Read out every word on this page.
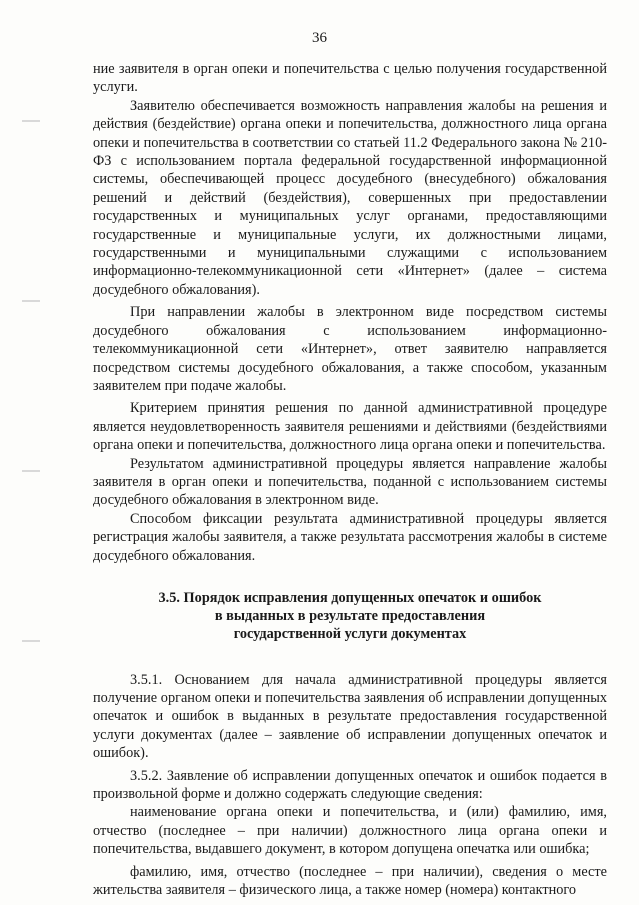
36

ние заявителя в орган опеки и попечительства с целью получения государственной услуги.

Заявителю обеспечивается возможность направления жалобы на решения и действия (бездействие) органа опеки и попечительства, должностного лица органа опеки и попечительства в соответствии со статьей 11.2 Федерального закона № 210-ФЗ с использованием портала федеральной государственной информационной системы, обеспечивающей процесс досудебного (внесудебного) обжалования решений и действий (бездействия), совершенных при предоставлении государственных и муниципальных услуг органами, предоставляющими государственные и муниципальные услуги, их должностными лицами, государственными и муниципальными служащими с использованием информационно-телекоммуникационной сети «Интернет» (далее – система досудебного обжалования).

При направлении жалобы в электронном виде посредством системы досудебного обжалования с использованием информационно-телекоммуникационной сети «Интернет», ответ заявителю направляется посредством системы досудебного обжалования, а также способом, указанным заявителем при подаче жалобы.

Критерием принятия решения по данной административной процедуре является неудовлетворенность заявителя решениями и действиями (бездействиями органа опеки и попечительства, должностного лица органа опеки и попечительства.

Результатом административной процедуры является направление жалобы заявителя в орган опеки и попечительства, поданной с использованием системы досудебного обжалования в электронном виде.

Способом фиксации результата административной процедуры является регистрация жалобы заявителя, а также результата рассмотрения жалобы в системе досудебного обжалования.

3.5. Порядок исправления допущенных опечаток и ошибок
в выданных в результате предоставления
государственной услуги документах

3.5.1. Основанием для начала административной процедуры является получение органом опеки и попечительства заявления об исправлении допущенных опечаток и ошибок в выданных в результате предоставления государственной услуги документах (далее – заявление об исправлении допущенных опечаток и ошибок).

3.5.2. Заявление об исправлении допущенных опечаток и ошибок подается в произвольной форме и должно содержать следующие сведения:

наименование органа опеки и попечительства, и (или) фамилию, имя, отчество (последнее – при наличии) должностного лица органа опеки и попечительства, выдавшего документ, в котором допущена опечатка или ошибка;

фамилию, имя, отчество (последнее – при наличии), сведения о месте жительства заявителя – физического лица, а также номер (номера) контактного
